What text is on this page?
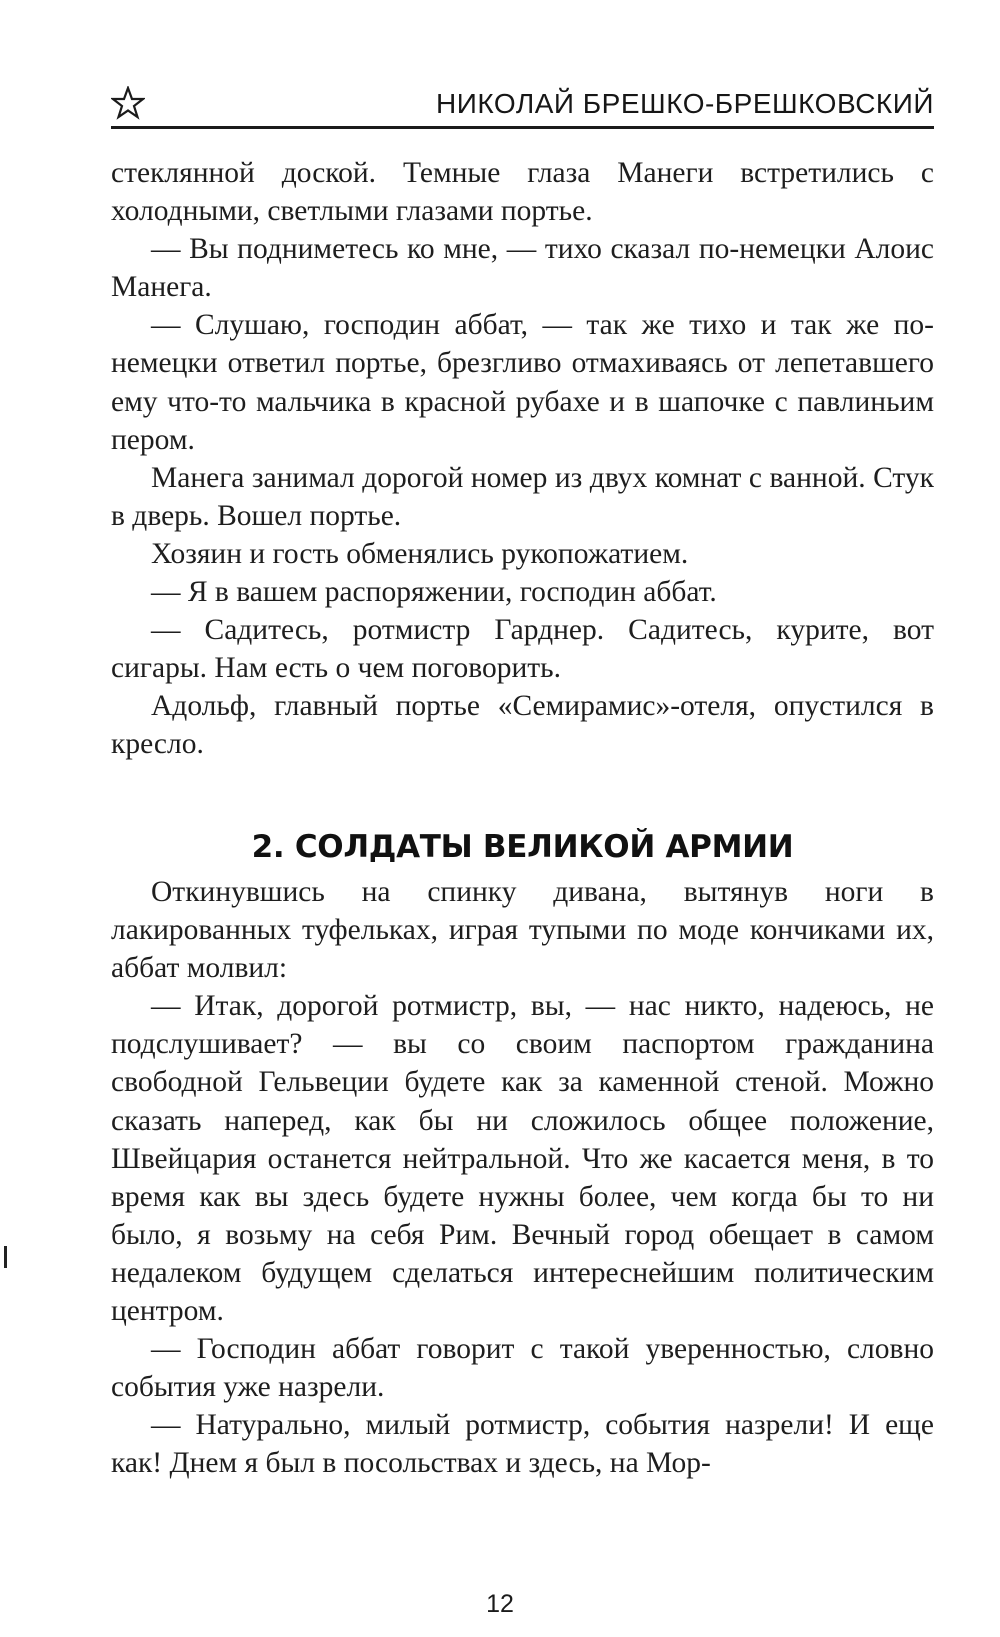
НИКОЛАЙ БРЕШКО-БРЕШКОВСКИЙ

стеклянной доской. Темные глаза Манеги встретились с холодными, светлыми глазами портье.

— Вы подниметесь ко мне, — тихо сказал по-немецки Алоис Манега.

— Слушаю, господин аббат, — так же тихо и так же по-немецки ответил портье, брезгливо отмахиваясь от лепетавшего ему что-то мальчика в красной рубахе и в шапочке с павлиньим пером.

Манега занимал дорогой номер из двух комнат с ванной. Стук в дверь. Вошел портье.

Хозяин и гость обменялись рукопожатием.

— Я в вашем распоряжении, господин аббат.

— Садитесь, ротмистр Гарднер. Садитесь, курите, вот сигары. Нам есть о чем поговорить.

Адольф, главный портье «Семирамис»-отеля, опустился в кресло.

2. СОЛДАТЫ ВЕЛИКОЙ АРМИИ

Откинувшись на спинку дивана, вытянув ноги в лакированных туфельках, играя тупыми по моде кончиками их, аббат молвил:

— Итак, дорогой ротмистр, вы, — нас никто, надеюсь, не подслушивает? — вы со своим паспортом гражданина свободной Гельвеции будете как за каменной стеной. Можно сказать наперед, как бы ни сложилось общее положение, Швейцария останется нейтральной. Что же касается меня, в то время как вы здесь будете нужны более, чем когда бы то ни было, я возьму на себя Рим. Вечный город обещает в самом недалеком будущем сделаться интереснейшим политическим центром.

— Господин аббат говорит с такой уверенностью, словно события уже назрели.

— Натурально, милый ротмистр, события назрели! И еще как! Днем я был в посольствах и здесь, на Мор-

12
